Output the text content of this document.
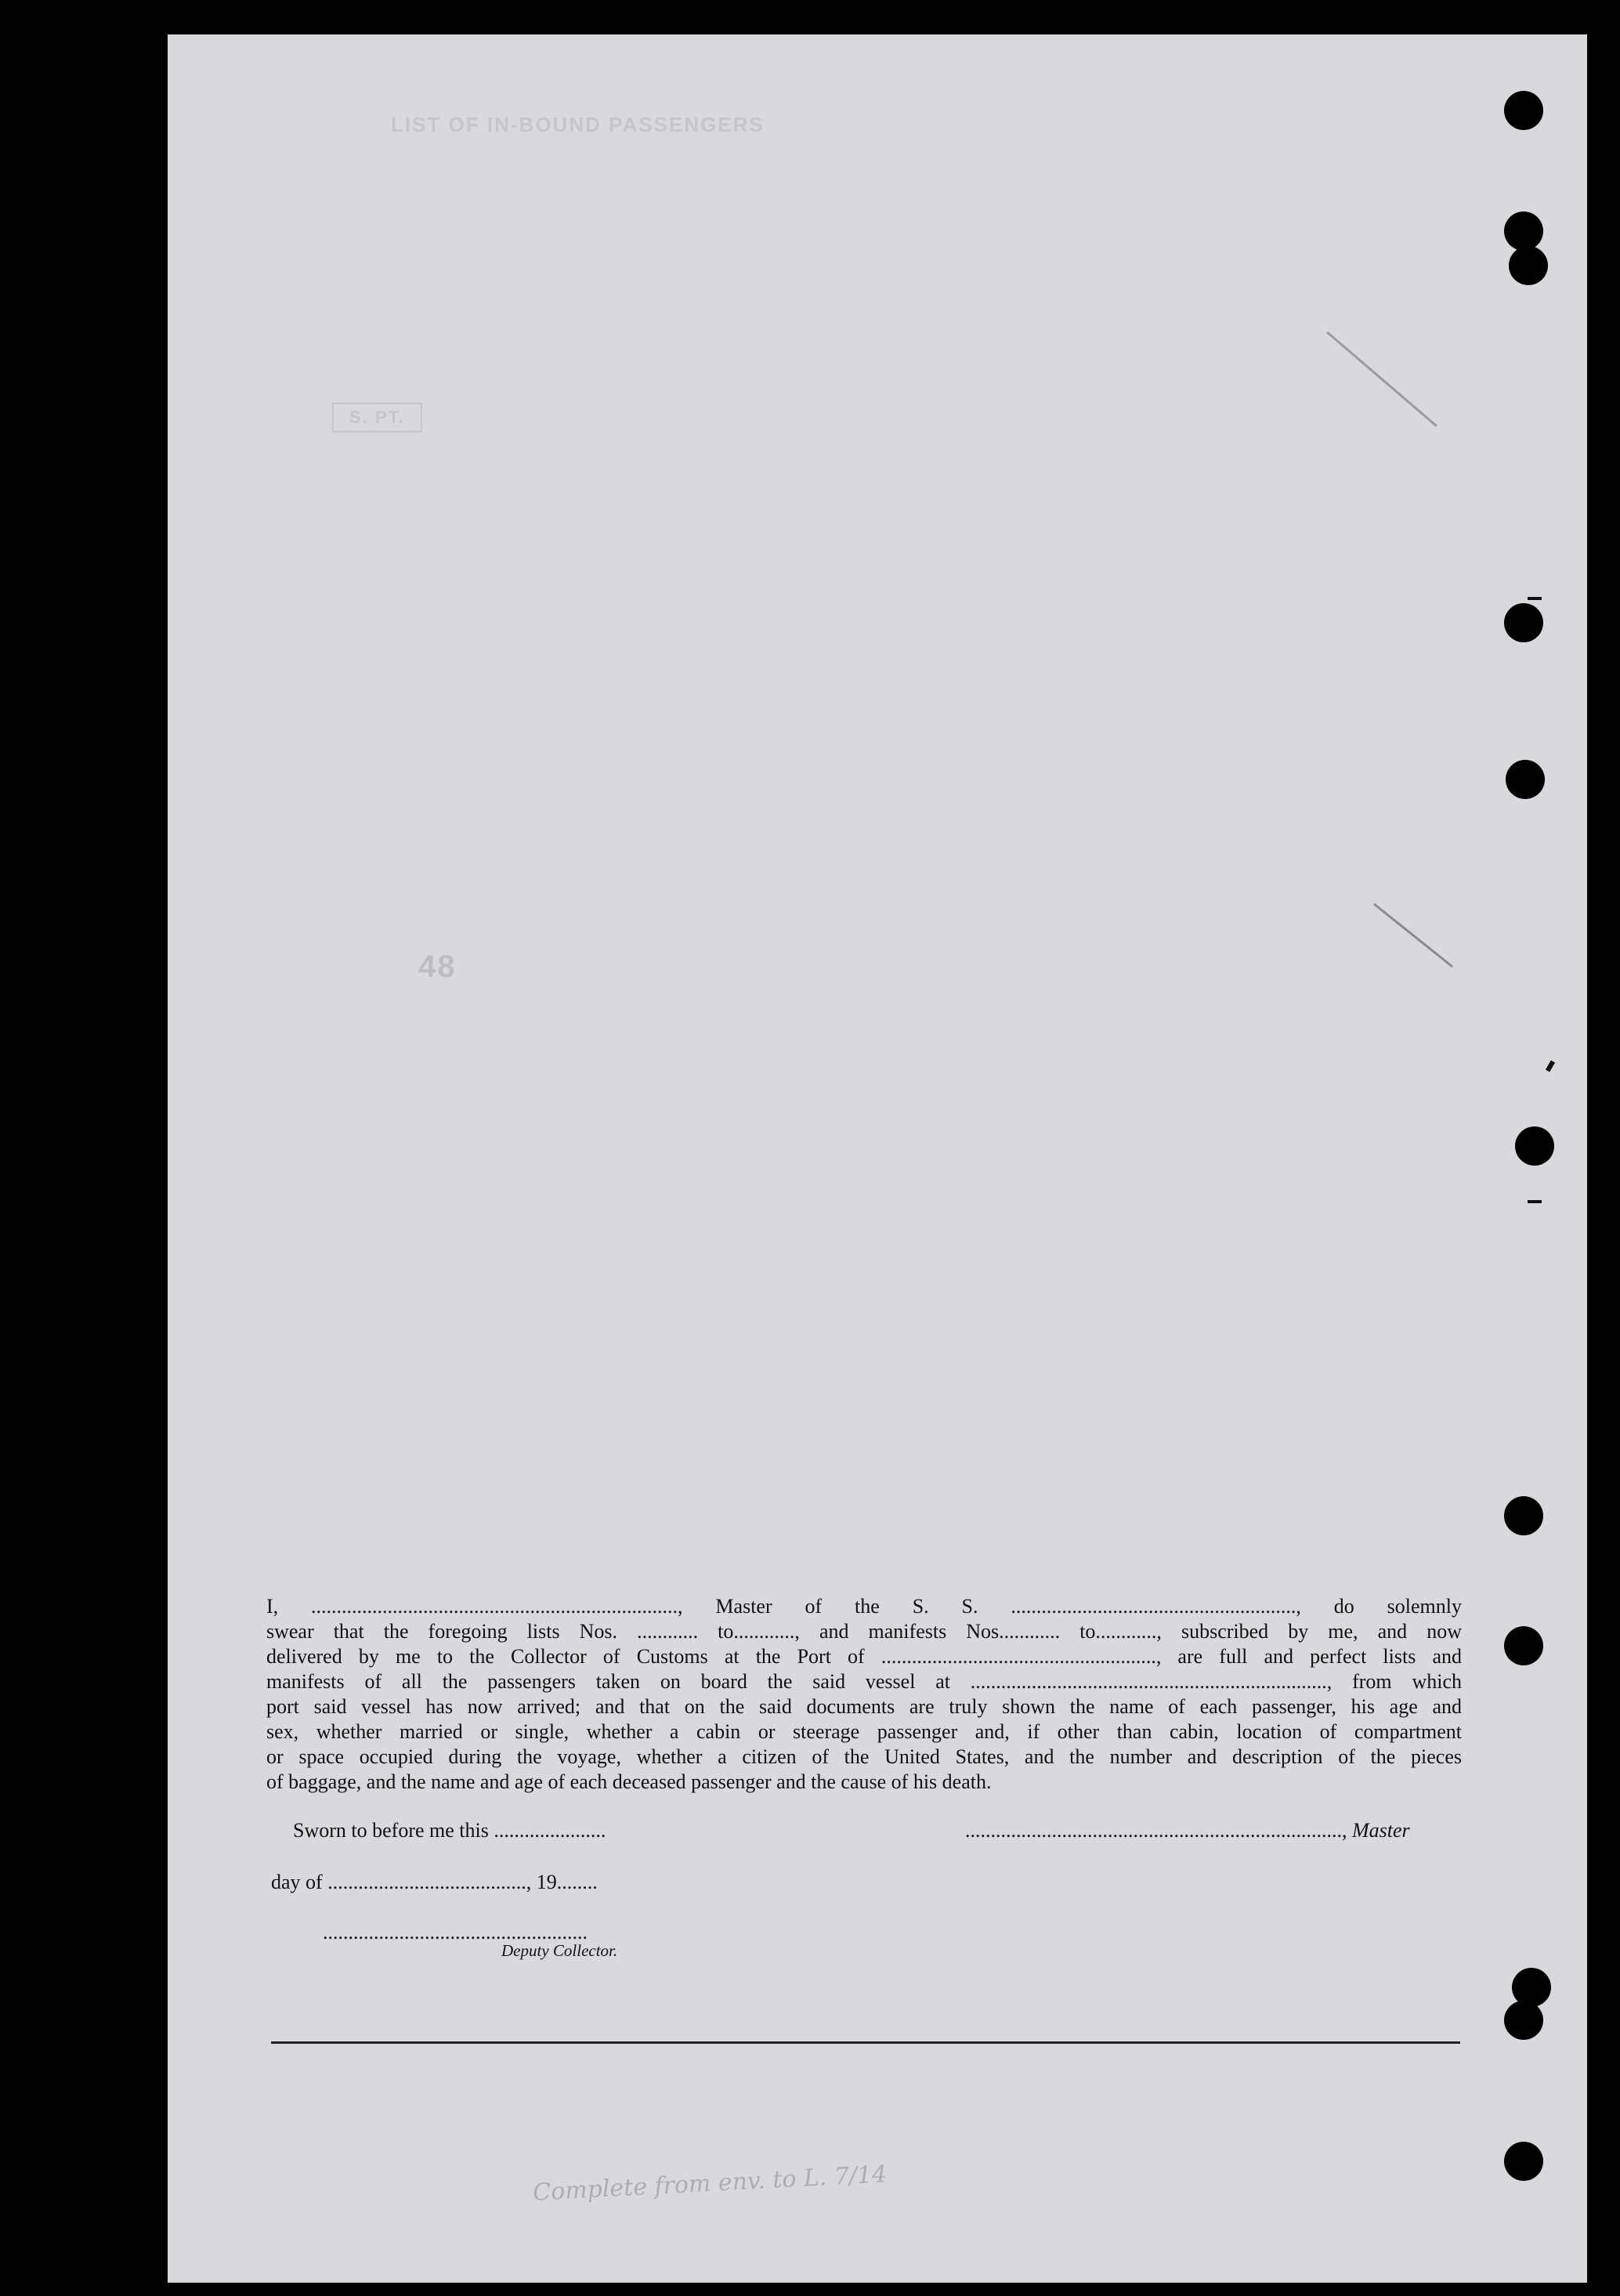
LIST OF IN-BOUND PASSENGERS
S. PT.
48
I, ........................................................................, Master of the S. S. ........................................................, do solemnly
swear that the foregoing lists Nos. ............ to............, and manifests Nos............ to............, subscribed by me, and now
delivered by me to the Collector of Customs at the Port of ......................................................, are full and perfect lists and
manifests of all the passengers taken on board the said vessel at ......................................................................, from which
port said vessel has now arrived; and that on the said documents are truly shown the name of each passenger, his age and
sex, whether married or single, whether a cabin or steerage passenger and, if other than cabin, location of compartment
or space occupied during the voyage, whether a citizen of the United States, and the number and description of the pieces
of baggage, and the name and age of each deceased passenger and the cause of his death.
Sworn to before me this ......................	.........................................................................., Master
day of ......................................., 19........
....................................................
Deputy Collector.
Complete from env. to L. 7/14
